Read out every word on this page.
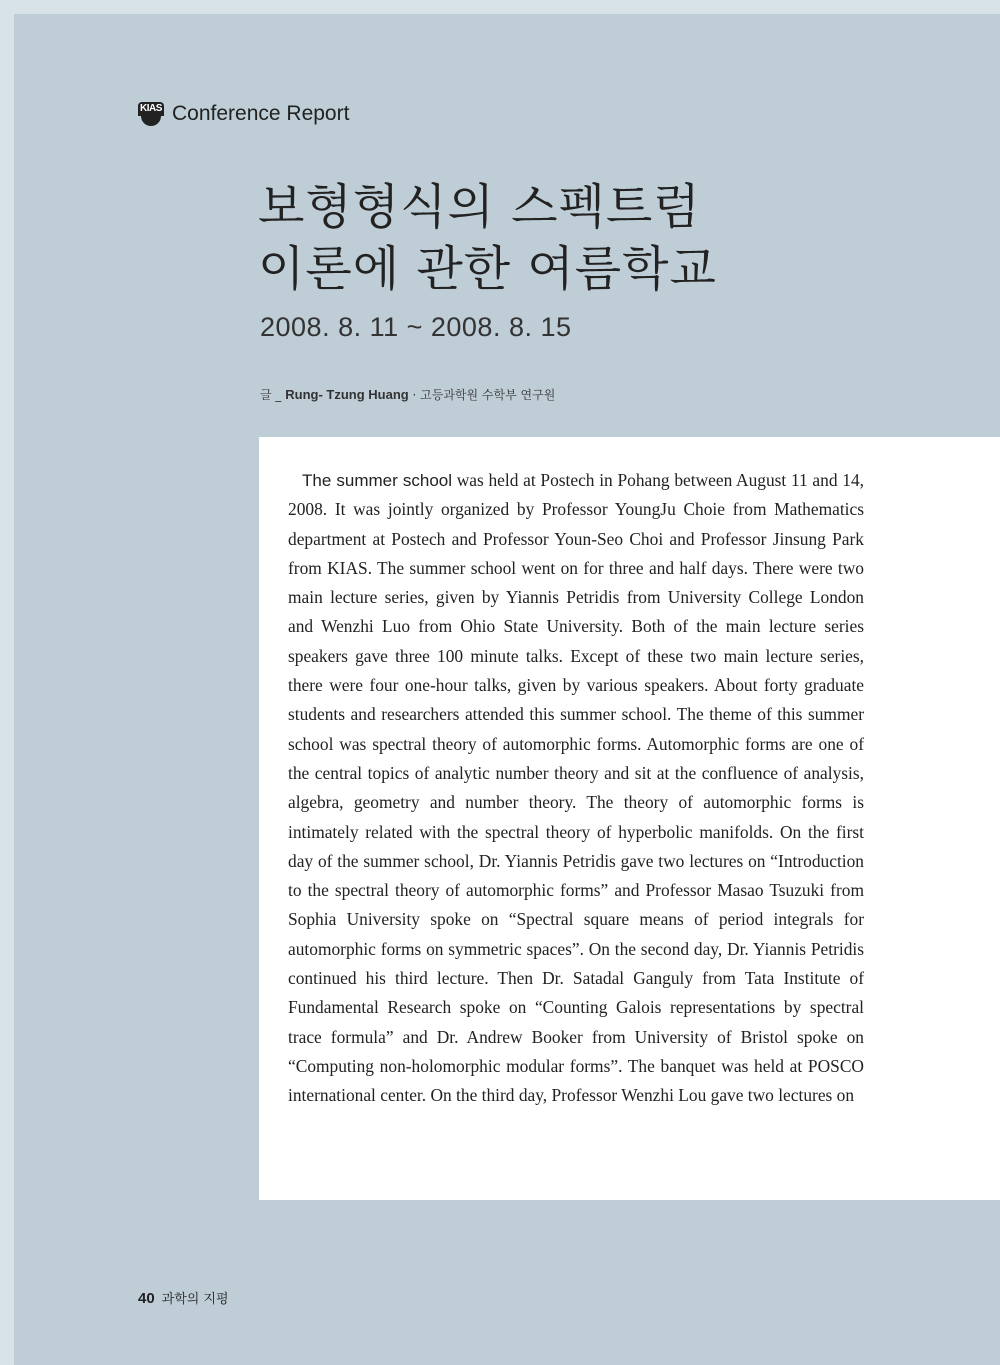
KIAS Conference Report
보형형식의 스펙트럼
이론에 관한 여름학교
2008. 8. 11 ~ 2008. 8. 15
글 _ Rung- Tzung Huang · 고등과학원 수학부 연구원

The summer school was held at Postech in Pohang between August 11 and 14, 2008. It was jointly organized by Professor YoungJu Choie from Mathematics department at Postech and Professor Youn-Seo Choi and Professor Jinsung Park from KIAS. The summer school went on for three and half days. There were two main lecture series, given by Yiannis Petridis from University College London and Wenzhi Luo from Ohio State University. Both of the main lecture series speakers gave three 100 minute talks. Except of these two main lecture series, there were four one-hour talks, given by various speakers. About forty graduate students and researchers attended this summer school. The theme of this summer school was spectral theory of automorphic forms. Automorphic forms are one of the central topics of analytic number theory and sit at the confluence of analysis, algebra, geometry and number theory. The theory of automorphic forms is intimately related with the spectral theory of hyperbolic manifolds. On the first day of the summer school, Dr. Yiannis Petridis gave two lectures on “Introduction to the spectral theory of automorphic forms” and Professor Masao Tsuzuki from Sophia University spoke on “Spectral square means of period integrals for automorphic forms on symmetric spaces”. On the second day, Dr. Yiannis Petridis continued his third lecture. Then Dr. Satadal Ganguly from Tata Institute of Fundamental Research spoke on “Counting Galois representations by spectral trace formula” and Dr. Andrew Booker from University of Bristol spoke on “Computing non-holomorphic modular forms”. The banquet was held at POSCO international center. On the third day, Professor Wenzhi Lou gave two lectures on

40 과학의 지평
